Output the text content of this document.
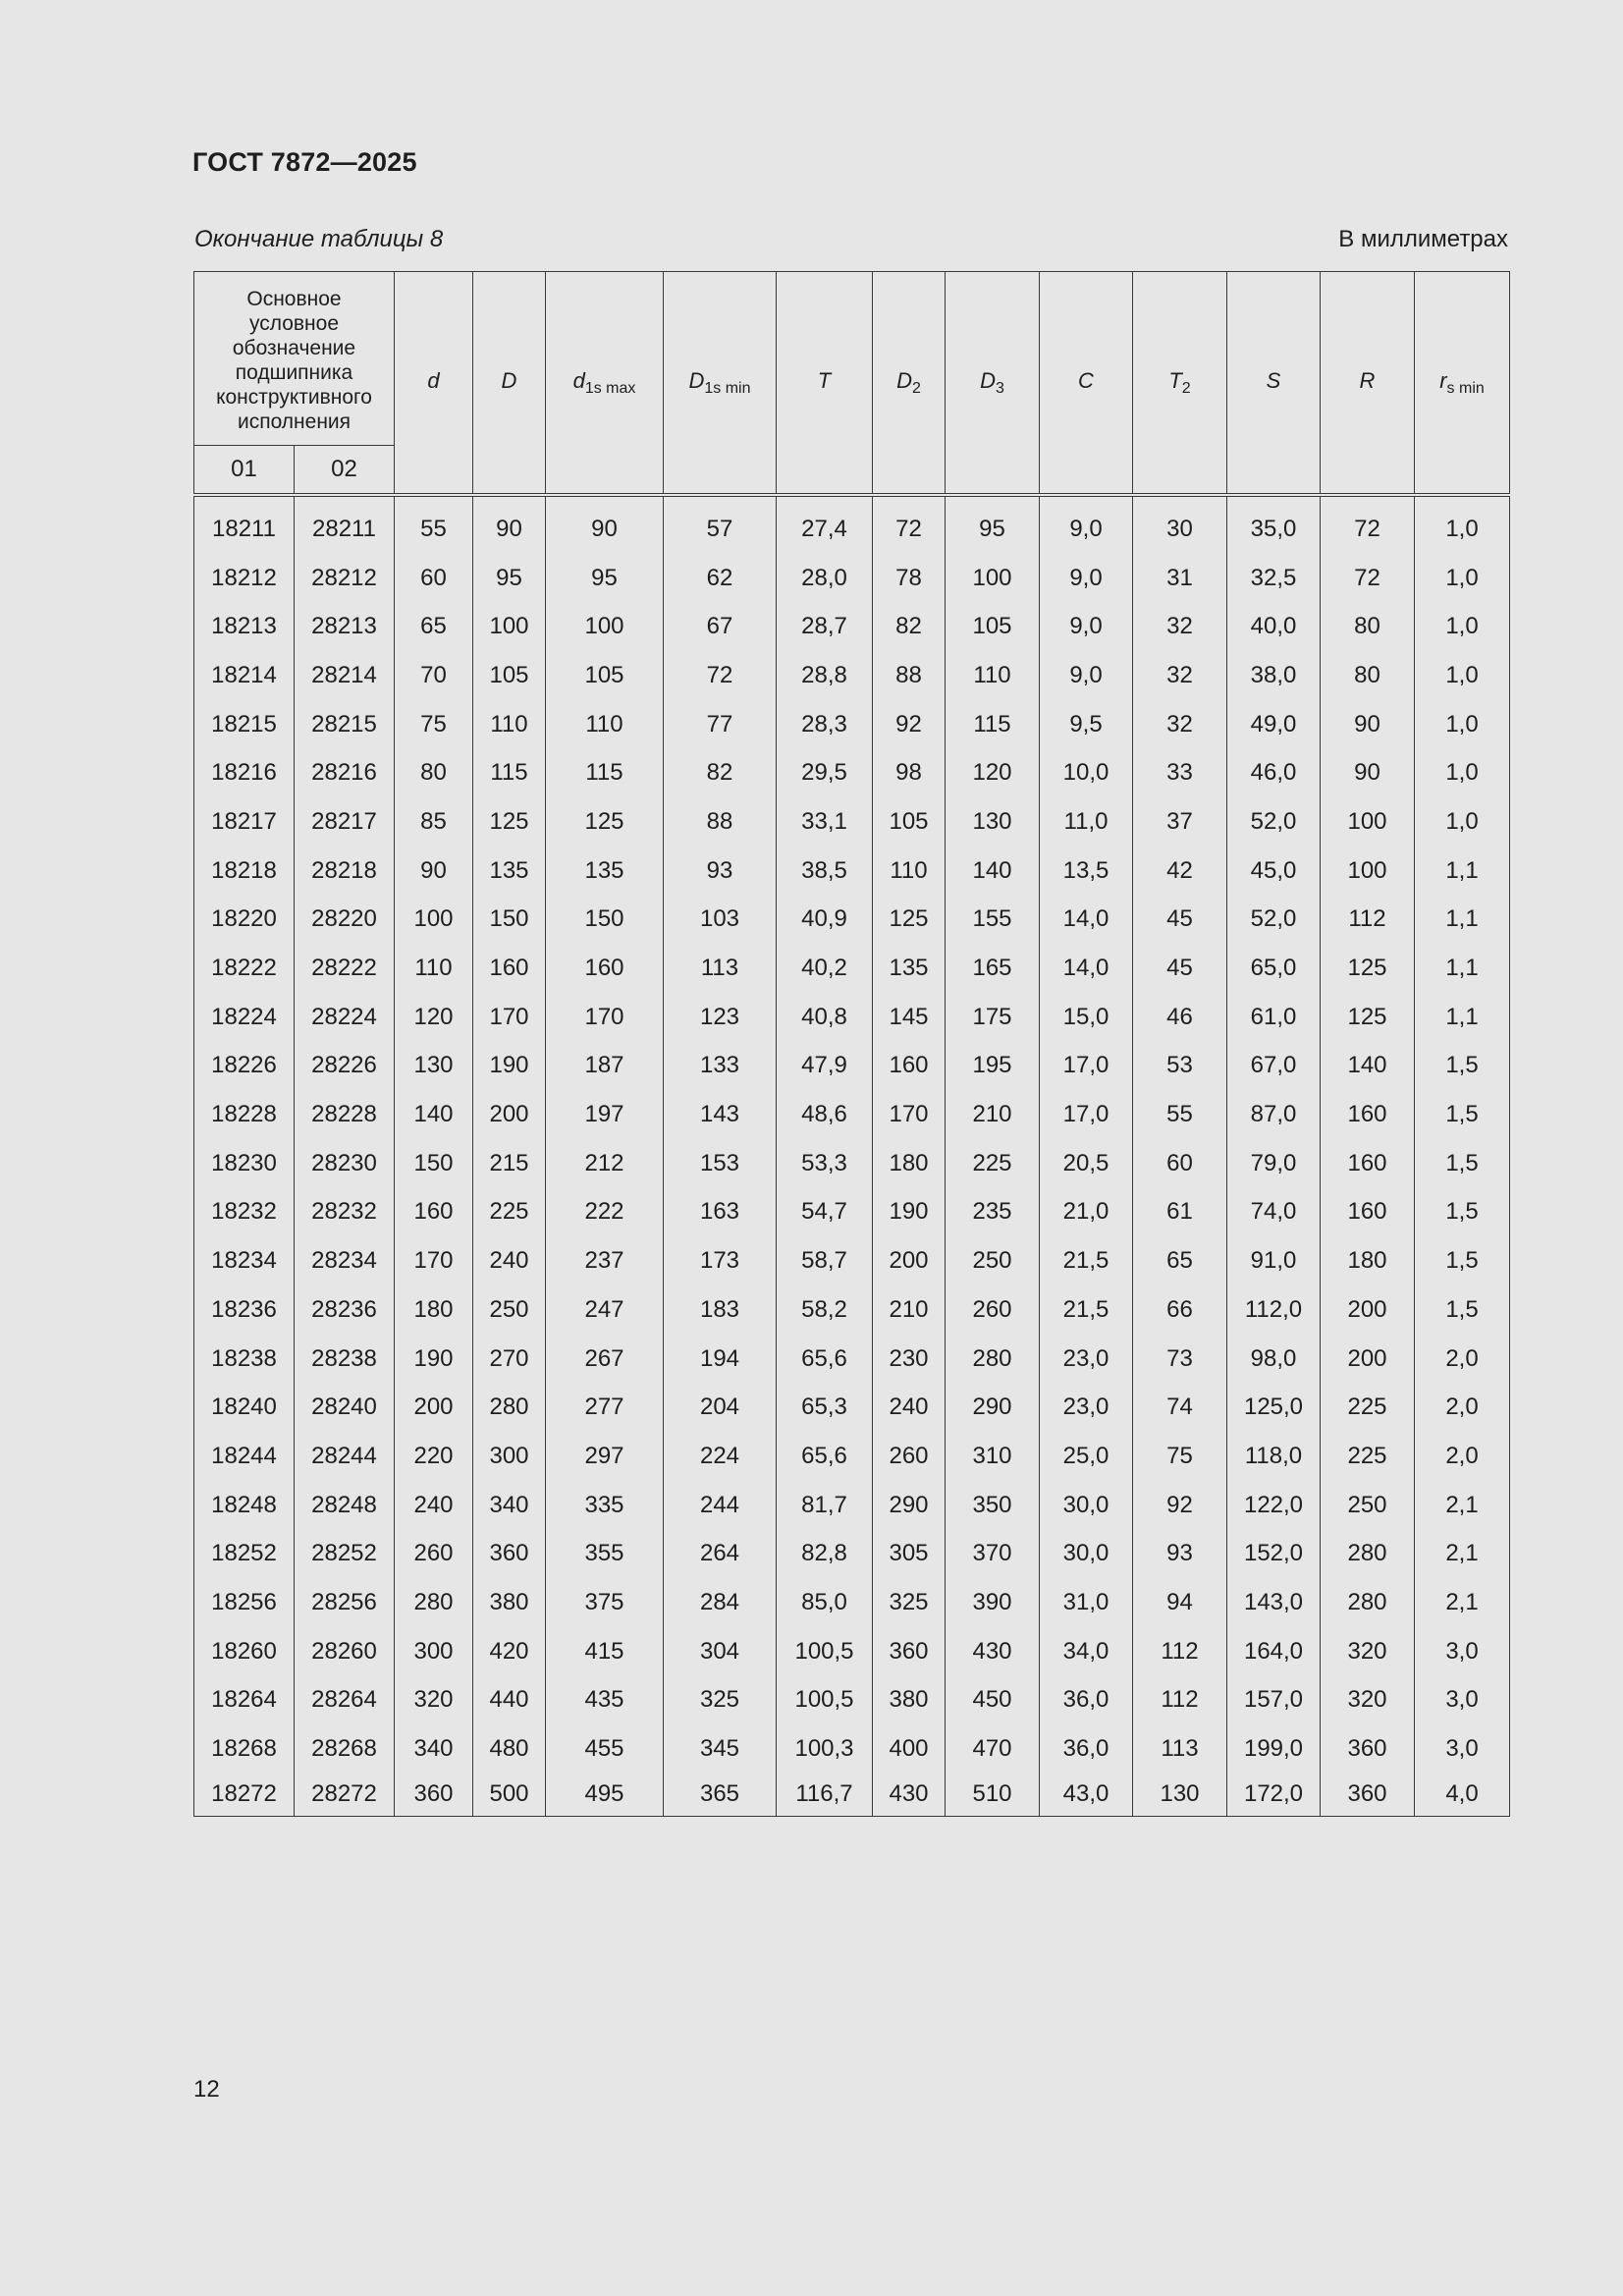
ГОСТ 7872—2025
Окончание таблицы 8	В миллиметрах
Основное условное обозначение подшипника конструктивного исполнения		d	D	$d_{1s max}$	$D_{1s min}$	T	$D_2$	$D_3$	C	$T_2$	S	R	$r_{s min}$
01	02												
18211	28211	55	90	90	57	27,4	72	95	9,0	30	35,0	72	1,0
18212	28212	60	95	95	62	28,0	78	100	9,0	31	32,5	72	1,0
18213	28213	65	100	100	67	28,7	82	105	9,0	32	40,0	80	1,0
18214	28214	70	105	105	72	28,8	88	110	9,0	32	38,0	80	1,0
18215	28215	75	110	110	77	28,3	92	115	9,5	32	49,0	90	1,0
18216	28216	80	115	115	82	29,5	98	120	10,0	33	46,0	90	1,0
18217	28217	85	125	125	88	33,1	105	130	11,0	37	52,0	100	1,0
18218	28218	90	135	135	93	38,5	110	140	13,5	42	45,0	100	1,1
18220	28220	100	150	150	103	40,9	125	155	14,0	45	52,0	112	1,1
18222	28222	110	160	160	113	40,2	135	165	14,0	45	65,0	125	1,1
18224	28224	120	170	170	123	40,8	145	175	15,0	46	61,0	125	1,1
18226	28226	130	190	187	133	47,9	160	195	17,0	53	67,0	140	1,5
18228	28228	140	200	197	143	48,6	170	210	17,0	55	87,0	160	1,5
18230	28230	150	215	212	153	53,3	180	225	20,5	60	79,0	160	1,5
18232	28232	160	225	222	163	54,7	190	235	21,0	61	74,0	160	1,5
18234	28234	170	240	237	173	58,7	200	250	21,5	65	91,0	180	1,5
18236	28236	180	250	247	183	58,2	210	260	21,5	66	112,0	200	1,5
18238	28238	190	270	267	194	65,6	230	280	23,0	73	98,0	200	2,0
18240	28240	200	280	277	204	65,3	240	290	23,0	74	125,0	225	2,0
18244	28244	220	300	297	224	65,6	260	310	25,0	75	118,0	225	2,0
18248	28248	240	340	335	244	81,7	290	350	30,0	92	122,0	250	2,1
18252	28252	260	360	355	264	82,8	305	370	30,0	93	152,0	280	2,1
18256	28256	280	380	375	284	85,0	325	390	31,0	94	143,0	280	2,1
18260	28260	300	420	415	304	100,5	360	430	34,0	112	164,0	320	3,0
18264	28264	320	440	435	325	100,5	380	450	36,0	112	157,0	320	3,0
18268	28268	340	480	455	345	100,3	400	470	36,0	113	199,0	360	3,0
18272	28272	360	500	495	365	116,7	430	510	43,0	130	172,0	360	4,0
12
